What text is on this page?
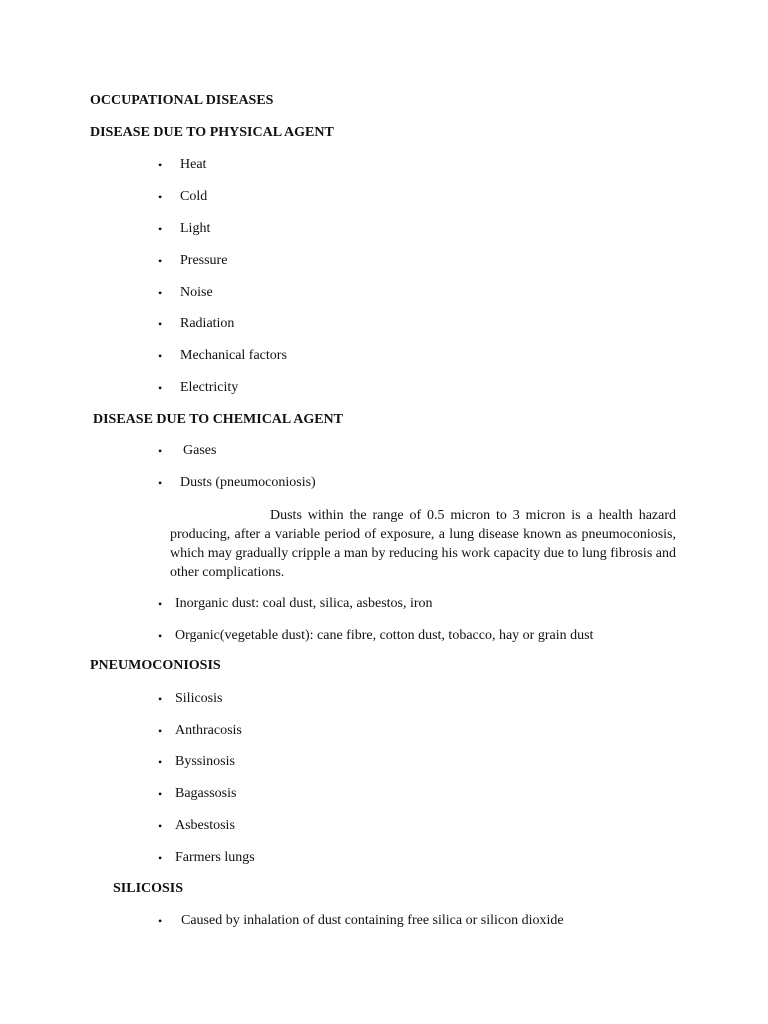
OCCUPATIONAL DISEASES
DISEASE DUE TO PHYSICAL AGENT
• Heat
• Cold
• Light
• Pressure
• Noise
• Radiation
• Mechanical factors
• Electricity
DISEASE DUE TO CHEMICAL AGENT
• Gases
• Dusts (pneumoconiosis)
Dusts within the range of 0.5 micron to 3 micron is a health hazard producing, after a variable period of exposure, a lung disease known as pneumoconiosis, which may gradually cripple a man by reducing his work capacity due to lung fibrosis and other complications.
• Inorganic dust: coal dust, silica, asbestos, iron
• Organic(vegetable dust): cane fibre, cotton dust, tobacco, hay or grain dust
PNEUMOCONIOSIS
• Silicosis
• Anthracosis
• Byssinosis
• Bagassosis
• Asbestosis
• Farmers lungs
SILICOSIS
• Caused by inhalation of dust containing free silica or silicon dioxide
